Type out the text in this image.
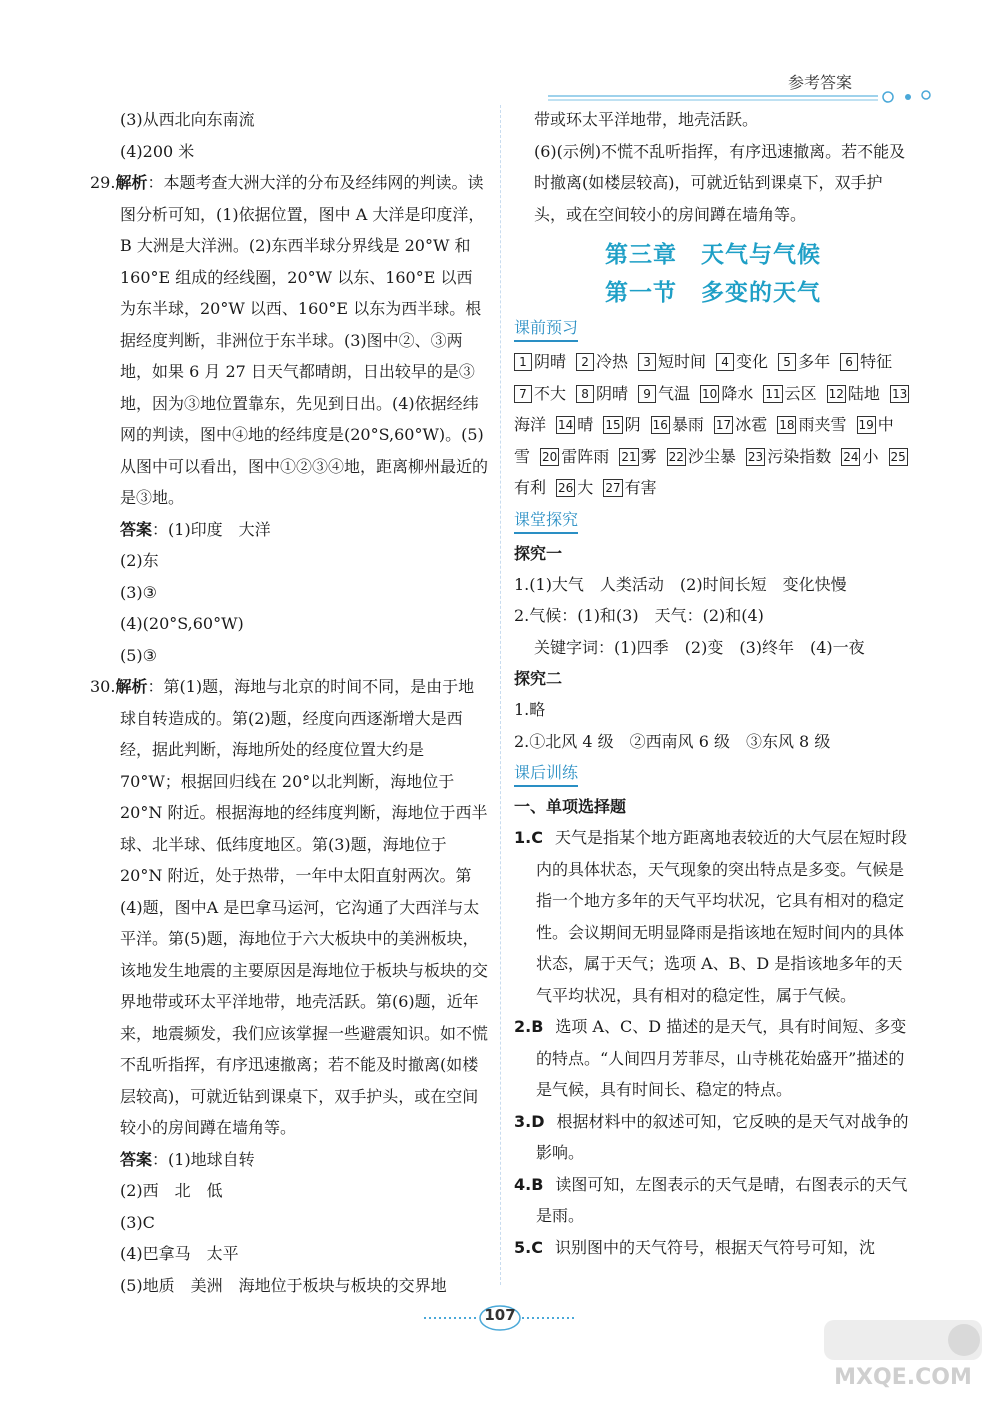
参考答案

(3)从西北向东南流

(4)200 米

29.解析：本题考查大洲大洋的分布及经纬网的判读。读图分析可知，(1)依据位置，图中 A 大洋是印度洋，B 大洲是大洋洲。(2)东西半球分界线是 20°W 和160°E 组成的经线圈，20°W 以东、160°E 以西为东半球，20°W 以西、160°E 以东为西半球。根据经度判断，非洲位于东半球。(3)图中②、③两地，如果 6 月 27 日天气都晴朗，日出较早的是③地，因为③地位置靠东，先见到日出。(4)依据经纬网的判读，图中④地的经纬度是(20°S,60°W)。(5)从图中可以看出，图中①②③④地，距离柳州最近的是③地。

答案：(1)印度　大洋

(2)东

(3)③

(4)(20°S,60°W)

(5)③

30.解析：第(1)题，海地与北京的时间不同，是由于地球自转造成的。第(2)题，经度向西逐渐增大是西经，据此判断，海地所处的经度位置大约是 70°W；根据回归线在 20°以北判断，海地位于 20°N 附近。根据海地的经纬度判断，海地位于西半球、北半球、低纬度地区。第(3)题，海地位于 20°N 附近，处于热带，一年中太阳直射两次。第(4)题，图中A 是巴拿马运河，它沟通了大西洋与太平洋。第(5)题，海地位于六大板块中的美洲板块，该地发生地震的主要原因是海地位于板块与板块的交界地带或环太平洋地带，地壳活跃。第(6)题，近年来，地震频发，我们应该掌握一些避震知识。如不慌不乱听指挥，有序迅速撤离；若不能及时撤离(如楼层较高)，可就近钻到课桌下，双手护头，或在空间较小的房间蹲在墙角等。

答案：(1)地球自转

(2)西　北　低

(3)C

(4)巴拿马　太平

(5)地质　美洲　海地位于板块与板块的交界地

带或环太平洋地带，地壳活跃。

(6)(示例)不慌不乱听指挥，有序迅速撤离。若不能及时撤离(如楼层较高)，可就近钻到课桌下，双手护头，或在空间较小的房间蹲在墙角等。

第三章　天气与气候

第一节　多变的天气

课前预习
1 阴晴 2 冷热 3 短时间 4 变化 5 多年 6 特征7 不大 8 阴晴 9 气温 10 降水 11 云区 12 陆地 13海洋 14 晴 15 阴 16 暴雨 17 冰雹 18 雨夹雪 19 中雪 20 雷阵雨 21 雾 22 沙尘暴 23 污染指数 24 小 25有利 26 大 27 有害
课堂探究

探究一

1.(1)大气　人类活动　(2)时间长短　变化快慢

2.气候：(1)和(3)　天气：(2)和(4)

关键字词：(1)四季　(2)变　(3)终年　(4)一夜

探究二

1.略

2.①北风 4 级　②西南风 6 级　③东风 8 级

课后训练

一、单项选择题

1.C 天气是指某个地方距离地表较近的大气层在短时段内的具体状态，天气现象的突出特点是多变。气候是指一个地方多年的天气平均状况，它具有相对的稳定性。会议期间无明显降雨是指该地在短时间内的具体状态，属于天气；选项 A、B、D 是指该地多年的天气平均状况，具有相对的稳定性，属于气候。

2.B 选项 A、C、D 描述的是天气，具有时间短、多变的特点。“人间四月芳菲尽，山寺桃花始盛开”描述的是气候，具有时间长、稳定的特点。

3.D 根据材料中的叙述可知，它反映的是天气对战争的影响。

4.B 读图可知，左图表示的天气是晴，右图表示的天气是雨。

5.C 识别图中的天气符号，根据天气符号可知，沈

107
MXQE.COM
